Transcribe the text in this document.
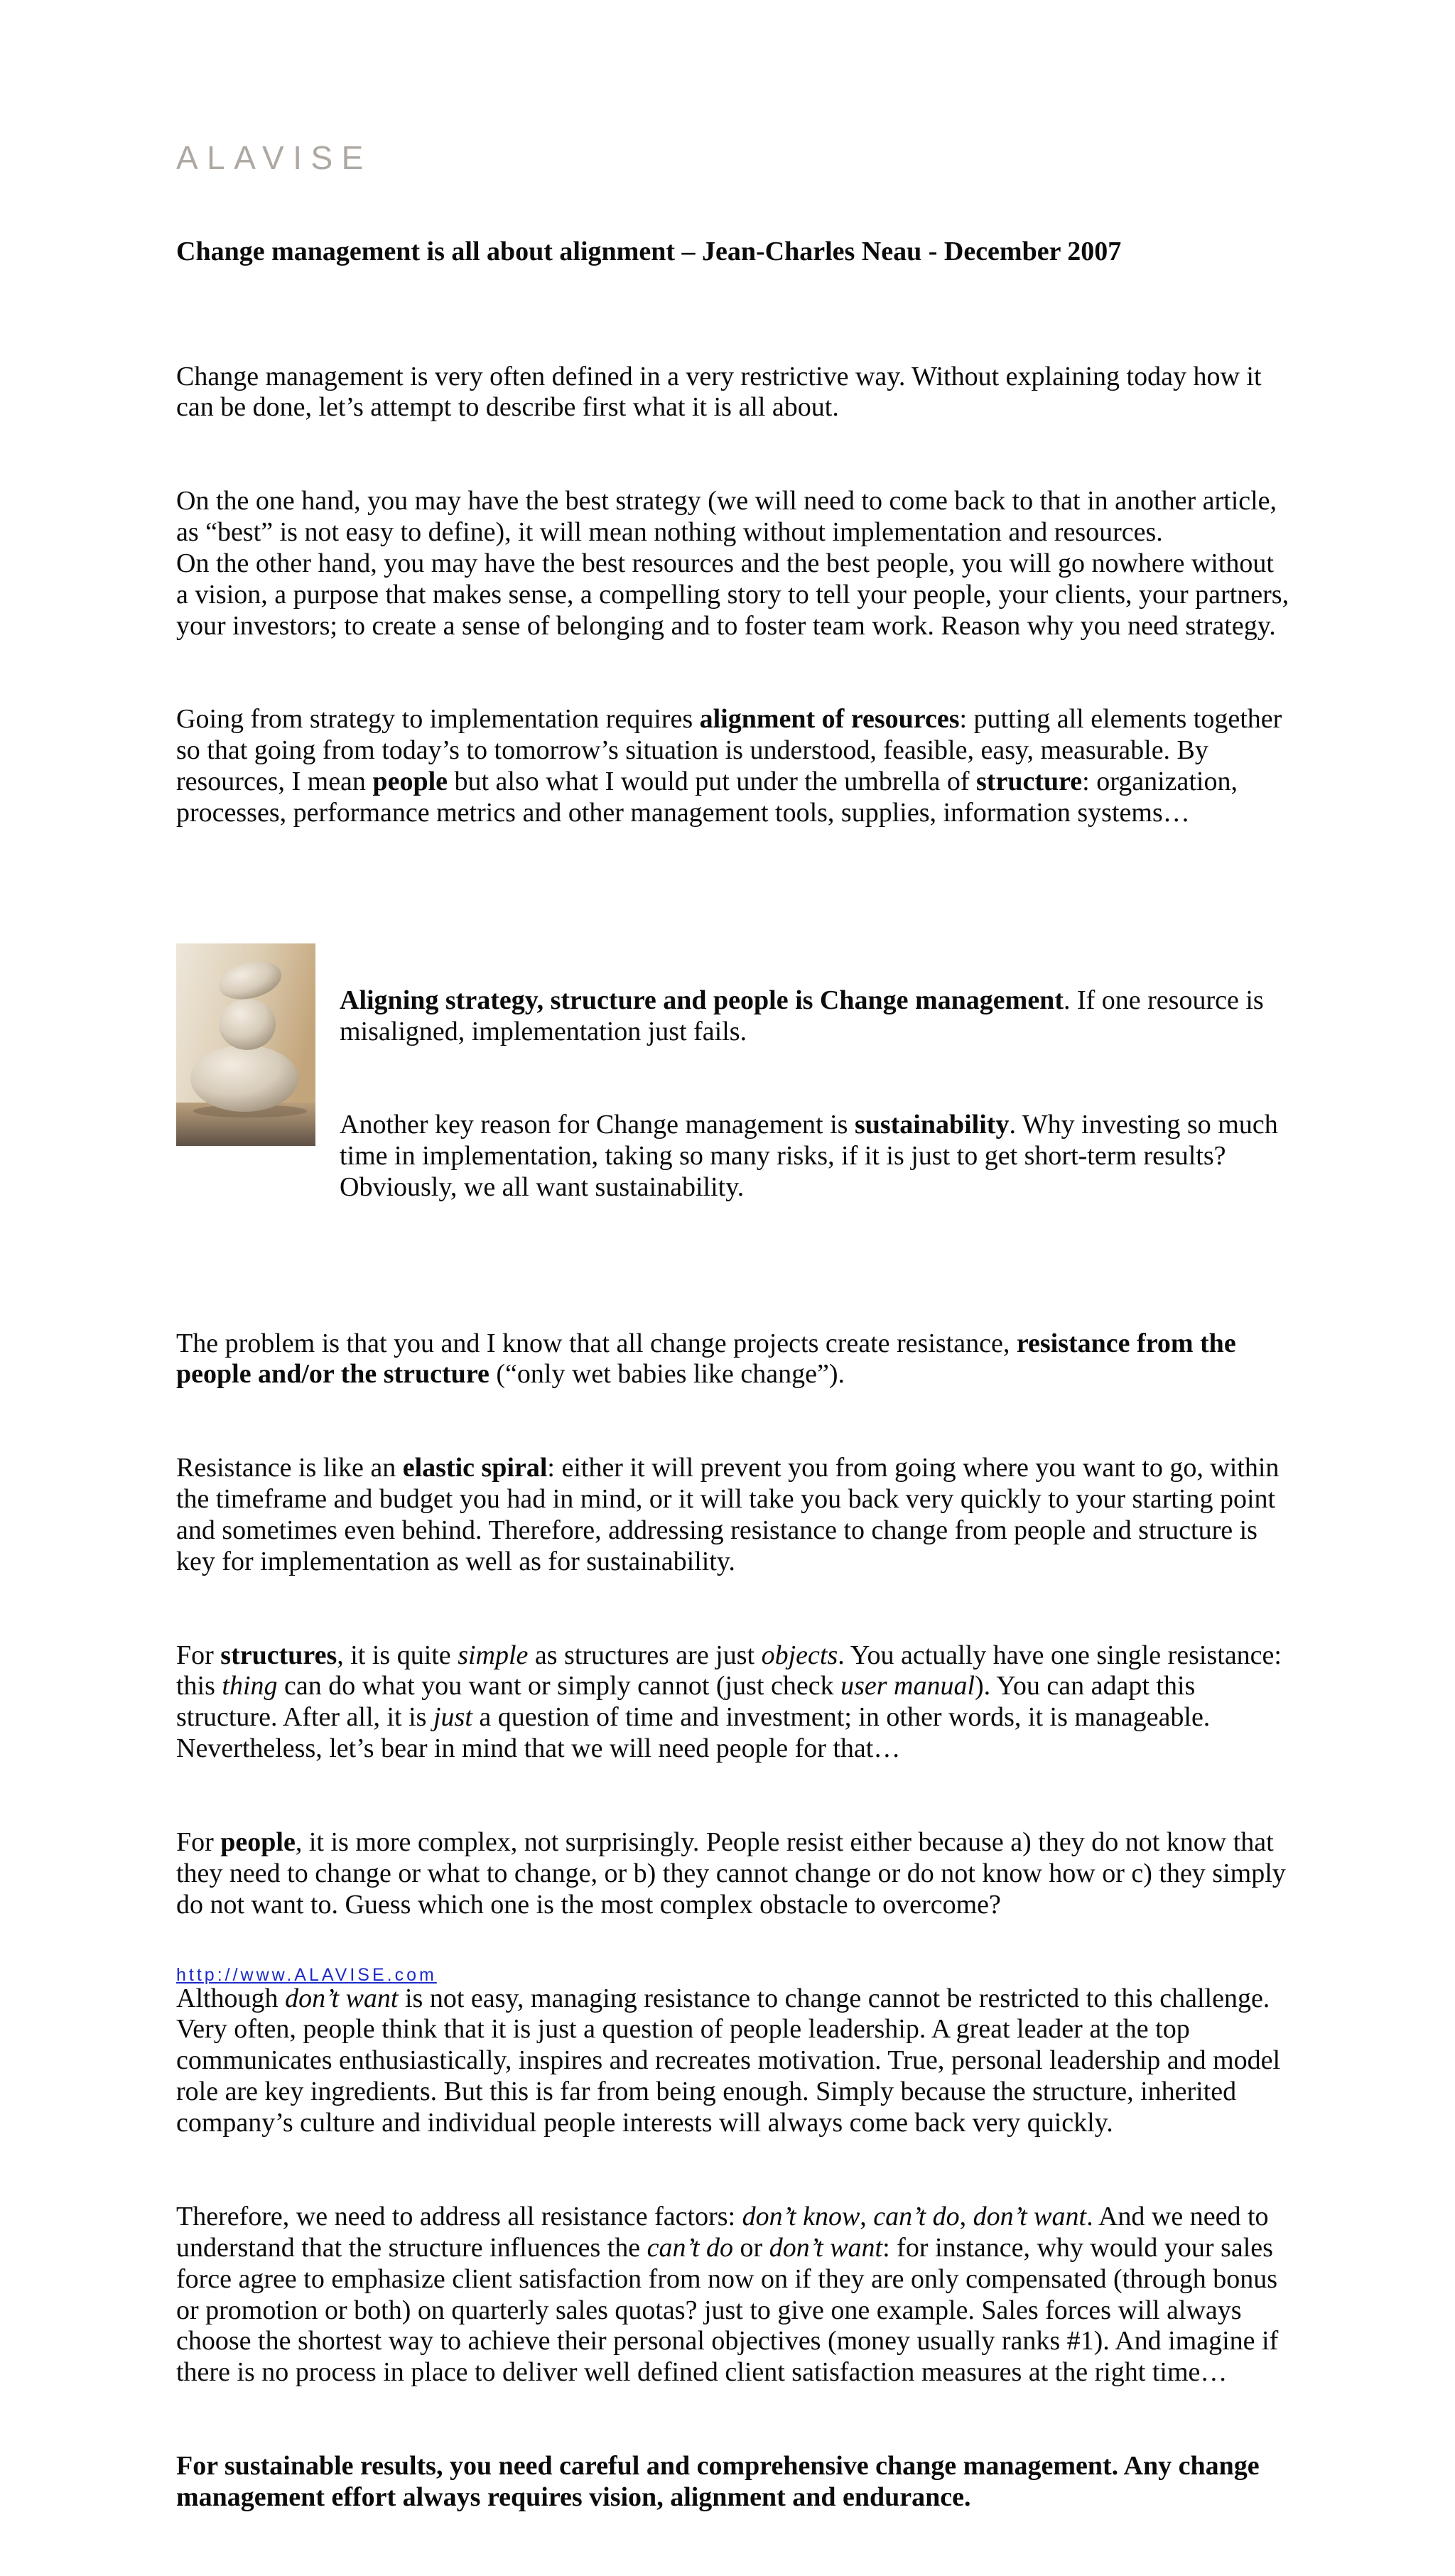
ALAVISE

Change management is all about alignment – Jean-Charles Neau - December 2007

Change management is very often defined in a very restrictive way. Without explaining today how it
can be done, let’s attempt to describe first what it is all about.

On the one hand, you may have the best strategy (we will need to come back to that in another article,
as “best” is not easy to define), it will mean nothing without implementation and resources.
On the other hand, you may have the best resources and the best people, you will go nowhere without
a vision, a purpose that makes sense, a compelling story to tell your people, your clients, your partners,
your investors; to create a sense of belonging and to foster team work. Reason why you need strategy.

Going from strategy to implementation requires alignment of resources: putting all elements together
so that going from today’s to tomorrow’s situation is understood, feasible, easy, measurable. By
resources, I mean people but also what I would put under the umbrella of structure: organization,
processes, performance metrics and other management tools, supplies, information systems…

Aligning strategy, structure and people is Change management. If one resource is
misaligned, implementation just fails.

Another key reason for Change management is sustainability. Why investing so much
time in implementation, taking so many risks, if it is just to get short-term results?
Obviously, we all want sustainability.

The problem is that you and I know that all change projects create resistance, resistance from the
people and/or the structure (“only wet babies like change”).

Resistance is like an elastic spiral: either it will prevent you from going where you want to go, within
the timeframe and budget you had in mind, or it will take you back very quickly to your starting point
and sometimes even behind. Therefore, addressing resistance to change from people and structure is
key for implementation as well as for sustainability.

For structures, it is quite simple as structures are just objects. You actually have one single resistance:
this thing can do what you want or simply cannot (just check user manual). You can adapt this
structure. After all, it is just a question of time and investment; in other words, it is manageable.
Nevertheless, let’s bear in mind that we will need people for that…

For people, it is more complex, not surprisingly. People resist either because a) they do not know that
they need to change or what to change, or b) they cannot change or do not know how or c) they simply
do not want to. Guess which one is the most complex obstacle to overcome?

Although don’t want is not easy, managing resistance to change cannot be restricted to this challenge.
Very often, people think that it is just a question of people leadership. A great leader at the top
communicates enthusiastically, inspires and recreates motivation. True, personal leadership and model
role are key ingredients. But this is far from being enough. Simply because the structure, inherited
company’s culture and individual people interests will always come back very quickly.

Therefore, we need to address all resistance factors: don’t know, can’t do, don’t want. And we need to
understand that the structure influences the can’t do or don’t want: for instance, why would your sales
force agree to emphasize client satisfaction from now on if they are only compensated (through bonus
or promotion or both) on quarterly sales quotas? just to give one example. Sales forces will always
choose the shortest way to achieve their personal objectives (money usually ranks #1). And imagine if
there is no process in place to deliver well defined client satisfaction measures at the right time…

For sustainable results, you need careful and comprehensive change management. Any change
management effort always requires vision, alignment and endurance.

http://www.ALAVISE.com
